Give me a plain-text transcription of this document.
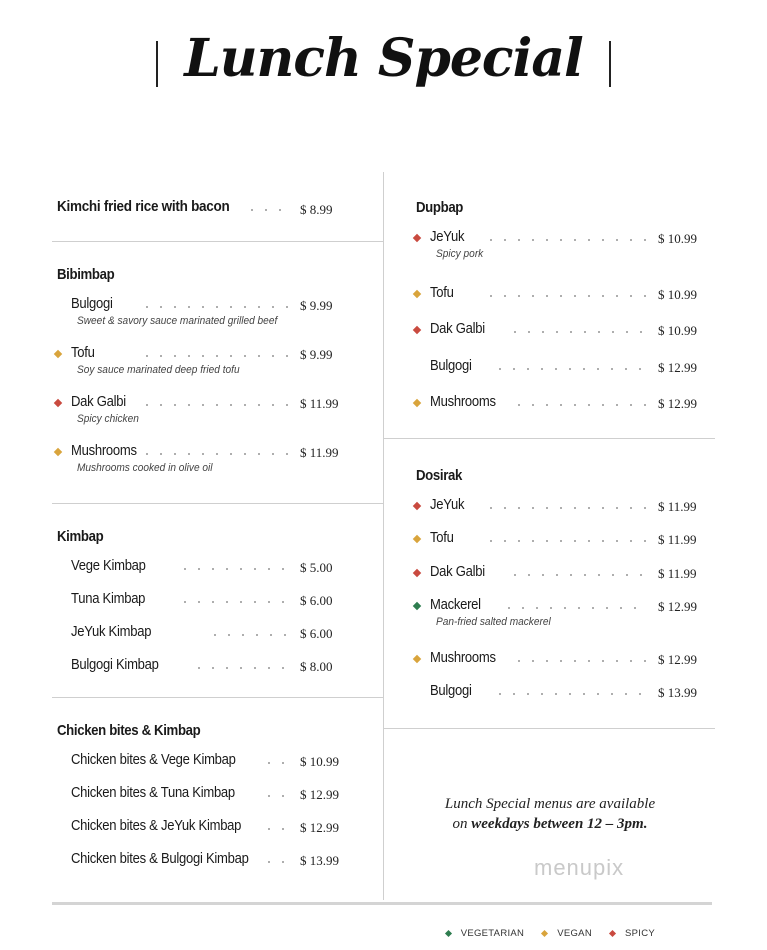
Lunch Special
Kimchi fried rice with bacon	$ 8.99
Bibimbap
Bulgogi	$ 9.99
Sweet & savory sauce marinated grilled beef
Tofu	$ 9.99
Soy sauce marinated deep fried tofu
Dak Galbi	$ 11.99
Spicy chicken
Mushrooms	$ 11.99
Mushrooms cooked in olive oil
Kimbap
Vege Kimbap	$ 5.00
Tuna Kimbap	$ 6.00
JeYuk Kimbap	$ 6.00
Bulgogi Kimbap	$ 8.00
Chicken bites & Kimbap
Chicken bites & Vege Kimbap	$ 10.99
Chicken bites & Tuna Kimbap	$ 12.99
Chicken bites & JeYuk Kimbap	$ 12.99
Chicken bites & Bulgogi Kimbap	$ 13.99
Dupbap
JeYuk	$ 10.99
Spicy pork
Tofu	$ 10.99
Dak Galbi	$ 10.99
Bulgogi	$ 12.99
Mushrooms	$ 12.99
Dosirak
JeYuk	$ 11.99
Tofu	$ 11.99
Dak Galbi	$ 11.99
Mackerel	$ 12.99
Pan-fried salted mackerel
Mushrooms	$ 12.99
Bulgogi	$ 13.99
Lunch Special menus are available
on weekdays between 12 – 3pm.
menupix
VEGETARIAN	VEGAN	SPICY
